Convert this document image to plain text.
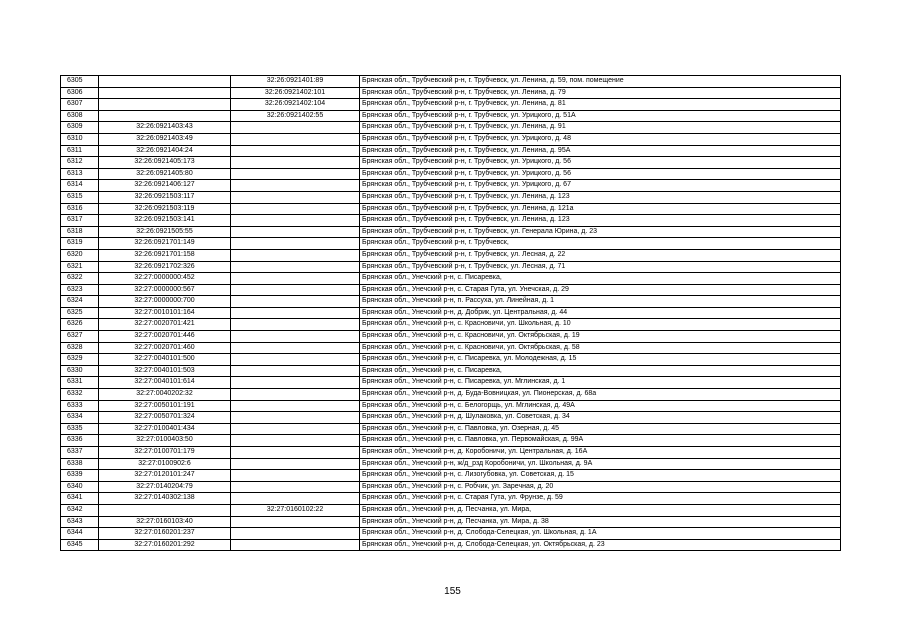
6305		32:26:0921401:89	Брянская обл., Трубчевский р-н, г. Трубчевск, ул. Ленина, д. 59, пом. помещение
6306		32:26:0921402:101	Брянская обл., Трубчевский р-н, г. Трубчевск, ул. Ленина, д. 79
6307		32:26:0921402:104	Брянская обл., Трубчевский р-н, г. Трубчевск, ул. Ленина, д. 81
6308		32:26:0921402:55	Брянская обл., Трубчевский р-н, г. Трубчевск, ул. Урицкого, д. 51А
6309	32:26:0921403:43		Брянская обл., Трубчевский р-н, г. Трубчевск, ул. Ленина, д. 91
6310	32:26:0921403:49		Брянская обл., Трубчевский р-н, г. Трубчевск, ул. Урицкого, д. 48
6311	32:26:0921404:24		Брянская обл., Трубчевский р-н, г. Трубчевск, ул. Ленина, д. 95А
6312	32:26:0921405:173		Брянская обл., Трубчевский р-н, г. Трубчевск, ул. Урицкого, д. 56
6313	32:26:0921405:80		Брянская обл., Трубчевский р-н, г. Трубчевск, ул. Урицкого, д. 56
6314	32:26:0921406:127		Брянская обл., Трубчевский р-н, г. Трубчевск, ул. Урицкого, д. 67
6315	32:26:0921503:117		Брянская обл., Трубчевский р-н, г. Трубчевск, ул. Ленина, д. 123
6316	32:26:0921503:119		Брянская обл., Трубчевский р-н, г. Трубчевск, ул. Ленина, д. 121а
6317	32:26:0921503:141		Брянская обл., Трубчевский р-н, г. Трубчевск, ул. Ленина, д. 123
6318	32:26:0921505:55		Брянская обл., Трубчевский р-н, г. Трубчевск, ул. Генерала Юрина, д. 23
6319	32:26:0921701:149		Брянская обл., Трубчевский р-н, г. Трубчевск,
6320	32:26:0921701:158		Брянская обл., Трубчевский р-н, г. Трубчевск, ул. Лесная, д. 22
6321	32:26:0921702:326		Брянская обл., Трубчевский р-н, г. Трубчевск, ул. Лесная, д. 71
6322	32:27:0000000:452		Брянская обл., Унечский р-н, с. Писаревка,
6323	32:27:0000000:567		Брянская обл., Унечский р-н, с. Старая Гута, ул. Унечская, д. 29
6324	32:27:0000000:700		Брянская обл., Унечский р-н, п. Рассуха, ул. Линейная, д. 1
6325	32:27:0010101:164		Брянская обл., Унечский р-н, д. Добрик, ул. Центральная, д. 44
6326	32:27:0020701:421		Брянская обл., Унечский р-н, с. Красновичи, ул. Школьная, д. 10
6327	32:27:0020701:446		Брянская обл., Унечский р-н, с. Красновичи, ул. Октябрьская, д. 19
6328	32:27:0020701:460		Брянская обл., Унечский р-н, с. Красновичи, ул. Октябрьская, д. 58
6329	32:27:0040101:500		Брянская обл., Унечский р-н, с. Писаревка, ул. Молодежная, д. 15
6330	32:27:0040101:503		Брянская обл., Унечский р-н, с. Писаревка,
6331	32:27:0040101:614		Брянская обл., Унечский р-н, с. Писаревка, ул. Мглинская, д. 1
6332	32:27:0040202:32		Брянская обл., Унечский р-н, д. Буда-Вовницкая, ул. Пионерская, д. 68а
6333	32:27:0050101:191		Брянская обл., Унечский р-н, с. Белогорщь, ул. Мглинская, д. 49А
6334	32:27:0050701:324		Брянская обл., Унечский р-н, д. Шулаковка, ул. Советская, д. 34
6335	32:27:0100401:434		Брянская обл., Унечский р-н, с. Павловка, ул. Озерная, д. 45
6336	32:27:0100403:50		Брянская обл., Унечский р-н, с. Павловка, ул. Первомайская, д. 99А
6337	32:27:0100701:179		Брянская обл., Унечский р-н, д. Коробоничи, ул. Центральная, д. 16А
6338	32:27:0100902:6		Брянская обл., Унечский р-н, ж/д_рзд Коробоничи, ул. Школьная, д. 9А
6339	32:27:0120101:247		Брянская обл., Унечский р-н, с. Лизогубовка, ул. Советская, д. 15
6340	32:27:0140204:79		Брянская обл., Унечский р-н, с. Робчик, ул. Заречная, д. 20
6341	32:27:0140302:138		Брянская обл., Унечский р-н, с. Старая Гута, ул. Фрунзе, д. 59
6342		32:27:0160102:22	Брянская обл., Унечский р-н, д. Песчанка, ул. Мира,
6343	32:27:0160103:40		Брянская обл., Унечский р-н, д. Песчанка, ул. Мира, д. 38
6344	32:27:0160201:237		Брянская обл., Унечский р-н, д. Слобода-Селецкая, ул. Школьная, д. 1А
6345	32:27:0160201:292		Брянская обл., Унечский р-н, д. Слобода-Селецкая, ул. Октябрьская, д. 23
155
